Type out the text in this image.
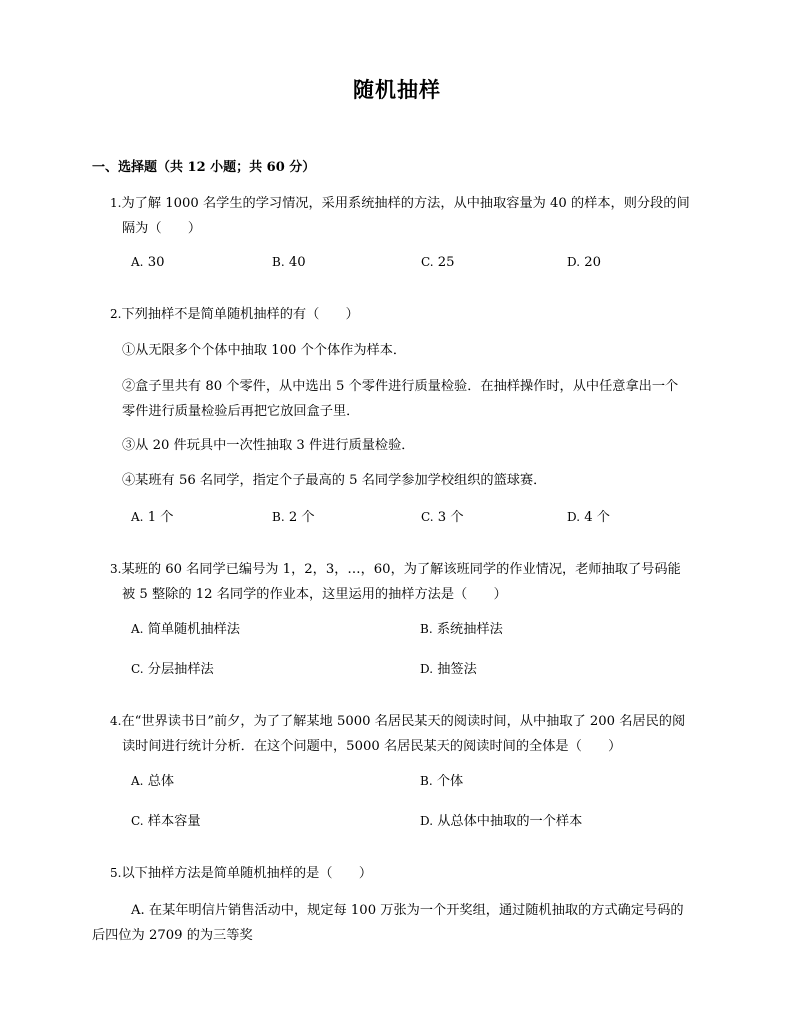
随机抽样
一、选择题（共 12 小题；共 60 分）
1.为了解 1000 名学生的学习情况，采用系统抽样的方法，从中抽取容量为 40 的样本，则分段的间
隔为（　　）
A. 30	B. 40	C. 25	D. 20
2.下列抽样不是简单随机抽样的有（　　）
①从无限多个个体中抽取 100 个个体作为样本．
②盒子里共有 80 个零件，从中选出 5 个零件进行质量检验．在抽样操作时，从中任意拿出一个
零件进行质量检验后再把它放回盒子里．
③从 20 件玩具中一次性抽取 3 件进行质量检验．
④某班有 56 名同学，指定个子最高的 5 名同学参加学校组织的篮球赛．
A. 1 个	B. 2 个	C. 3 个	D. 4 个
3.某班的 60 名同学已编号为 1，2，3，…，60，为了解该班同学的作业情况，老师抽取了号码能
被 5 整除的 12 名同学的作业本，这里运用的抽样方法是（　　）
A. 简单随机抽样法	B. 系统抽样法
C. 分层抽样法	D. 抽签法
4.在“世界读书日”前夕，为了了解某地 5000 名居民某天的阅读时间，从中抽取了 200 名居民的阅
读时间进行统计分析．在这个问题中，5000 名居民某天的阅读时间的全体是（　　）
A. 总体	B. 个体
C. 样本容量	D. 从总体中抽取的一个样本
5.以下抽样方法是简单随机抽样的是（　　）
A. 在某年明信片销售活动中，规定每 100 万张为一个开奖组，通过随机抽取的方式确定号码的
后四位为 2709 的为三等奖
